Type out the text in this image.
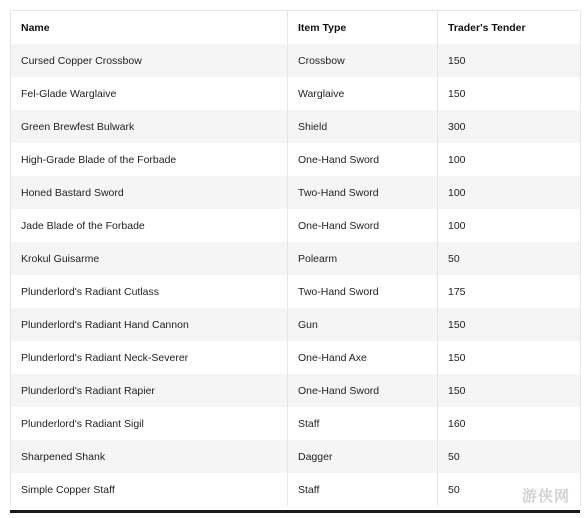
Name	Item Type	Trader's Tender
Cursed Copper Crossbow	Crossbow	150
Fel-Glade Warglaive	Warglaive	150
Green Brewfest Bulwark	Shield	300
High-Grade Blade of the Forbade	One-Hand Sword	100
Honed Bastard Sword	Two-Hand Sword	100
Jade Blade of the Forbade	One-Hand Sword	100
Krokul Guisarme	Polearm	50
Plunderlord's Radiant Cutlass	Two-Hand Sword	175
Plunderlord's Radiant Hand Cannon	Gun	150
Plunderlord's Radiant Neck-Severer	One-Hand Axe	150
Plunderlord's Radiant Rapier	One-Hand Sword	150
Plunderlord's Radiant Sigil	Staff	160
Sharpened Shank	Dagger	50
Simple Copper Staff	Staff	50	游侠网
